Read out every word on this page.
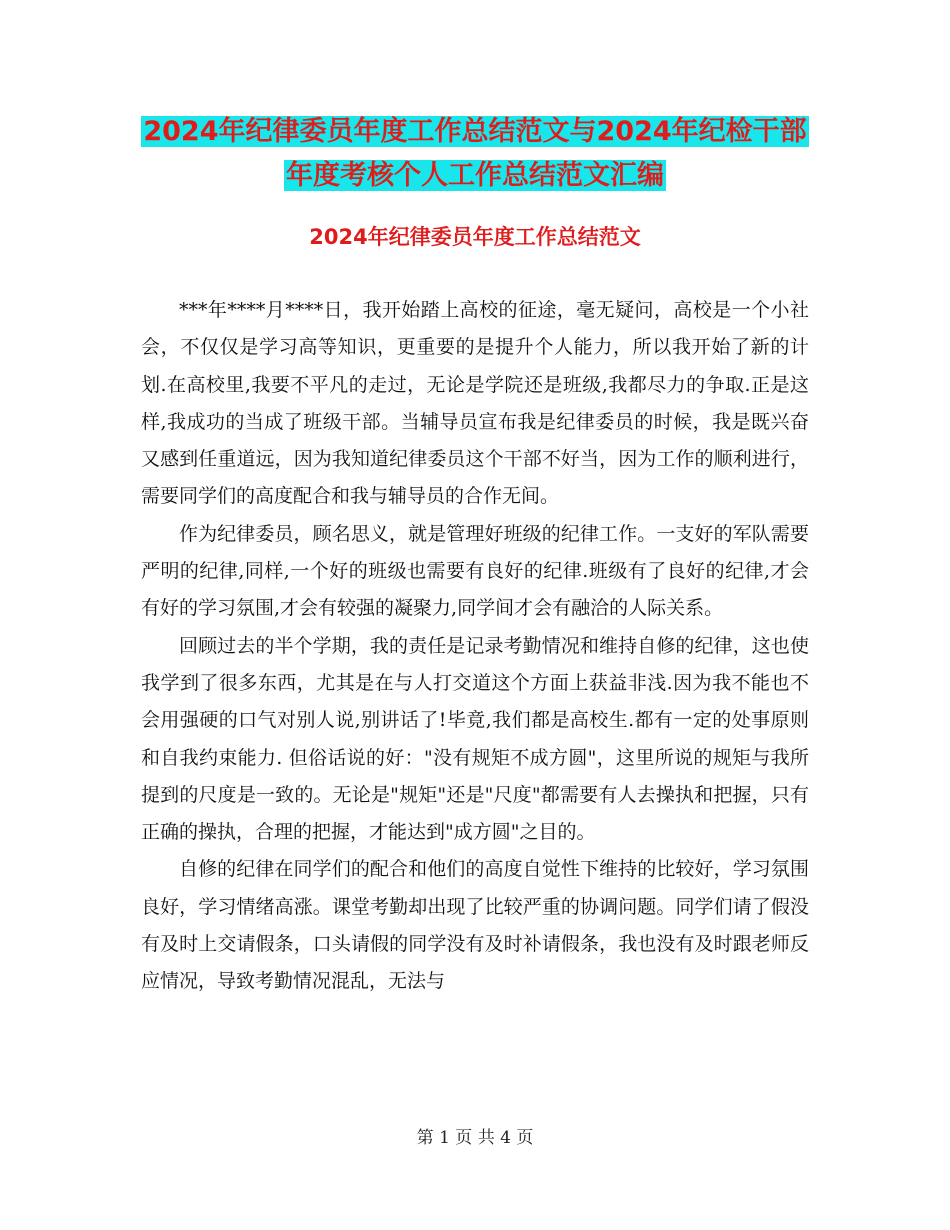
2024年纪律委员年度工作总结范文与2024年纪检干部
年度考核个人工作总结范文汇编
2024年纪律委员年度工作总结范文

***年****月****日，我开始踏上高校的征途，毫无疑问，高校是一个小社会，不仅仅是学习高等知识，更重要的是提升个人能力，所以我开始了新的计划.在高校里,我要不平凡的走过，无论是学院还是班级,我都尽力的争取.正是这样,我成功的当成了班级干部。当辅导员宣布我是纪律委员的时候，我是既兴奋又感到任重道远，因为我知道纪律委员这个干部不好当，因为工作的顺利进行，需要同学们的高度配合和我与辅导员的合作无间。

作为纪律委员，顾名思义，就是管理好班级的纪律工作。一支好的军队需要严明的纪律,同样,一个好的班级也需要有良好的纪律.班级有了良好的纪律,才会有好的学习氛围,才会有较强的凝聚力,同学间才会有融洽的人际关系。

回顾过去的半个学期，我的责任是记录考勤情况和维持自修的纪律，这也使我学到了很多东西，尤其是在与人打交道这个方面上获益非浅.因为我不能也不会用强硬的口气对别人说,别讲话了!毕竟,我们都是高校生.都有一定的处事原则和自我约束能力. 但俗话说的好："没有规矩不成方圆"，这里所说的规矩与我所提到的尺度是一致的。无论是"规矩"还是"尺度"都需要有人去操执和把握，只有正确的操执，合理的把握，才能达到"成方圆"之目的。

自修的纪律在同学们的配合和他们的高度自觉性下维持的比较好，学习氛围良好，学习情绪高涨。课堂考勤却出现了比较严重的协调问题。同学们请了假没有及时上交请假条，口头请假的同学没有及时补请假条，我也没有及时跟老师反应情况，导致考勤情况混乱，无法与

第 1 页 共 4 页
